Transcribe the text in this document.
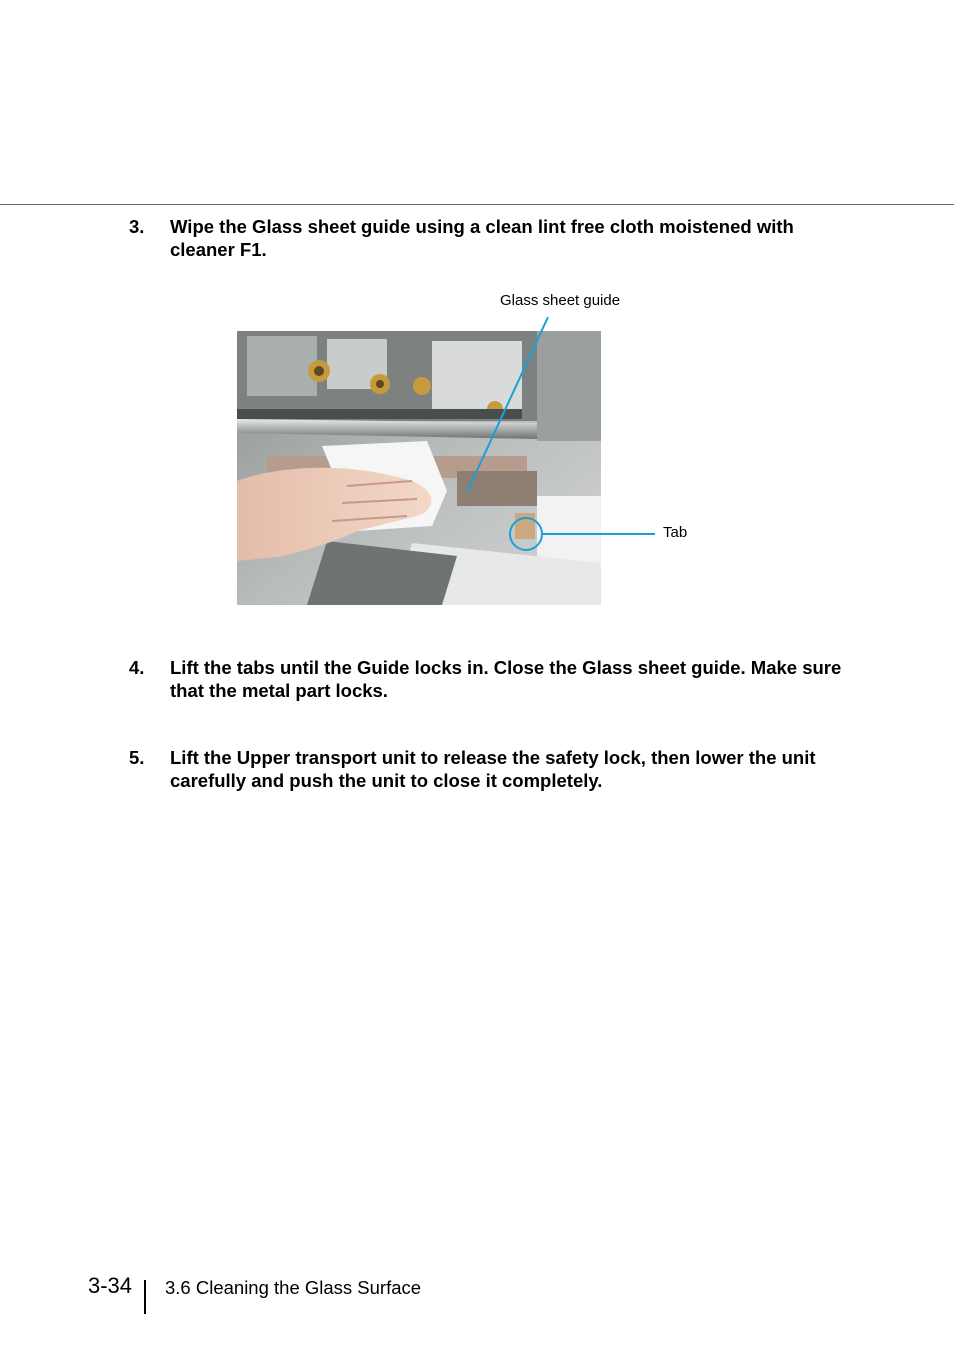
3. Wipe the Glass sheet guide using a clean lint free cloth moistened with cleaner F1.
Glass sheet guide
Tab
4. Lift the tabs until the Guide locks in. Close the Glass sheet guide. Make sure that the metal part locks.
5. Lift the Upper transport unit to release the safety lock, then lower the unit carefully and push the unit to close it completely.
3-34 3.6 Cleaning the Glass Surface
